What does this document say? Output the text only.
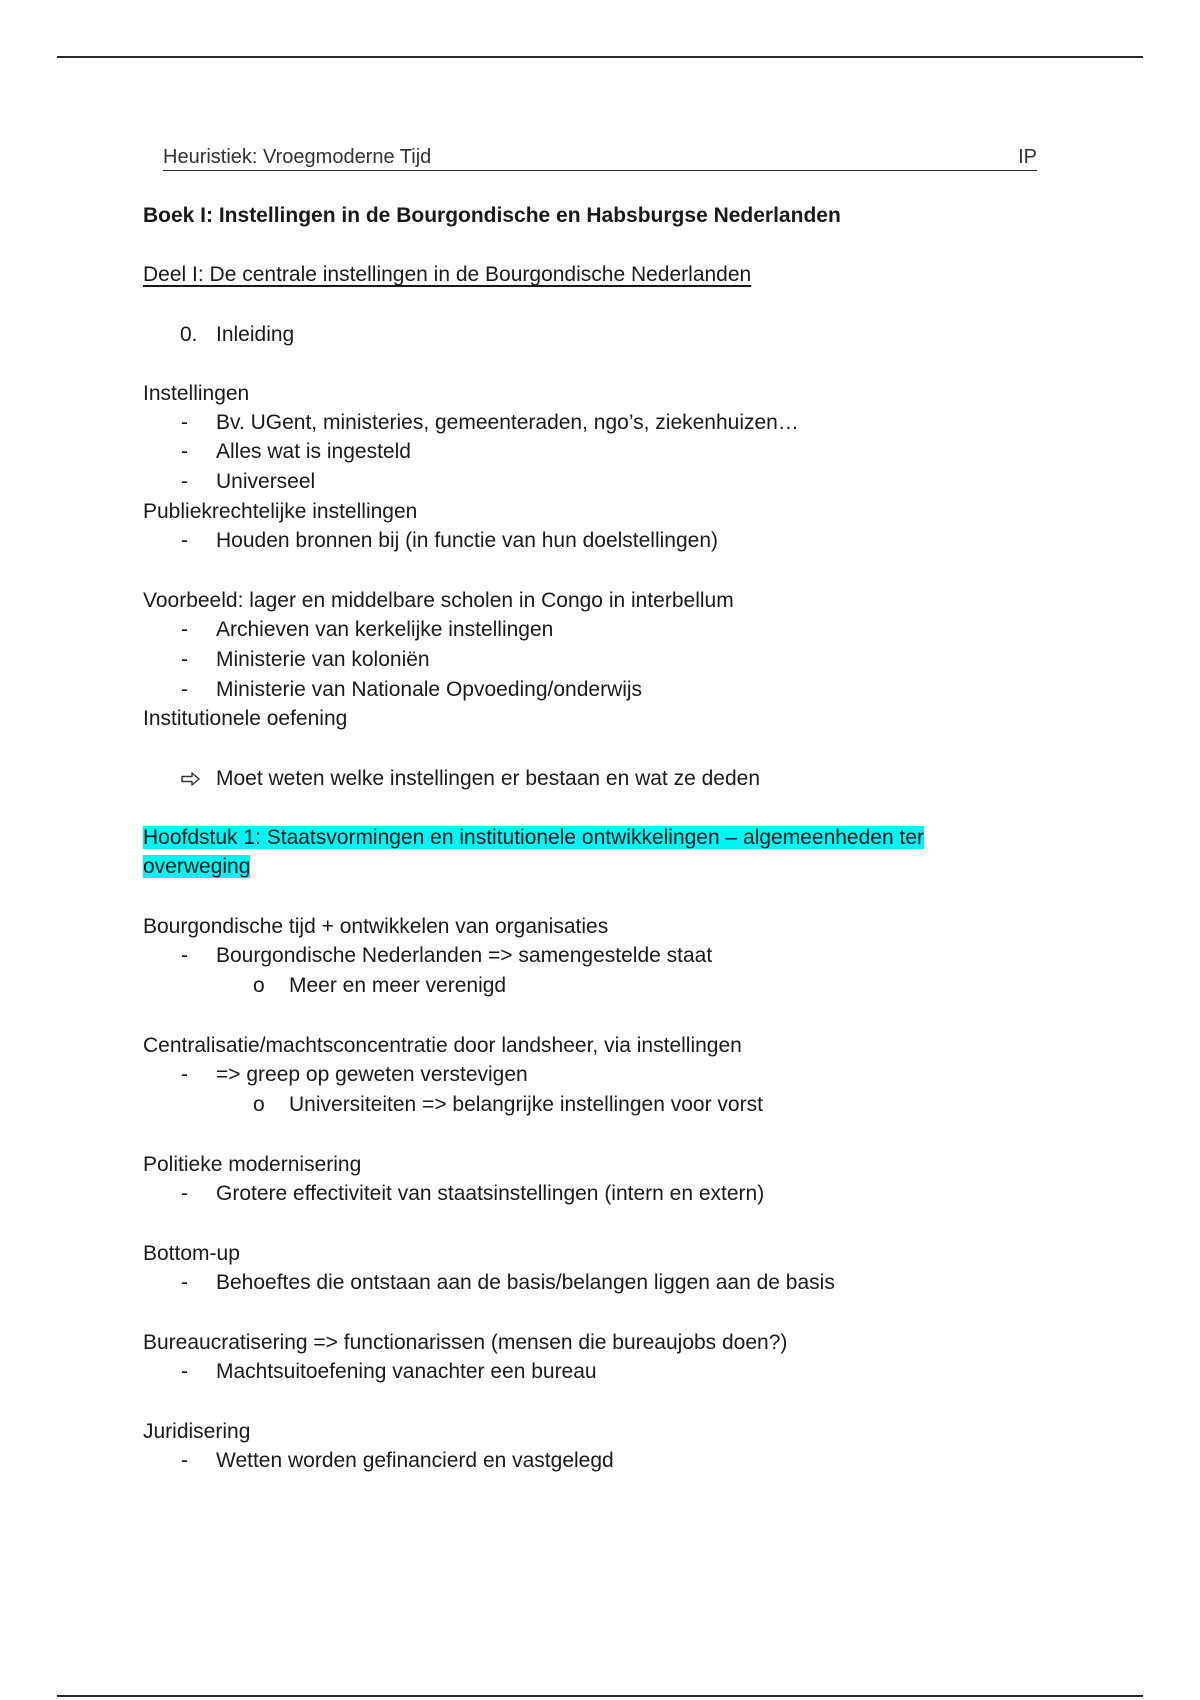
Heuristiek: Vroegmoderne Tijd	IP
Boek I: Instellingen in de Bourgondische en Habsburgse Nederlanden
Deel I: De centrale instellingen in de Bourgondische Nederlanden
0. Inleiding
Instellingen
- Bv. UGent, ministeries, gemeenteraden, ngo’s, ziekenhuizen…
- Alles wat is ingesteld
- Universeel
Publiekrechtelijke instellingen
- Houden bronnen bij (in functie van hun doelstellingen)
Voorbeeld: lager en middelbare scholen in Congo in interbellum
- Archieven van kerkelijke instellingen
- Ministerie van koloniën
- Ministerie van Nationale Opvoeding/onderwijs
Institutionele oefening
Moet weten welke instellingen er bestaan en wat ze deden
Hoofdstuk 1: Staatsvormingen en institutionele ontwikkelingen – algemeenheden ter
overweging
Bourgondische tijd + ontwikkelen van organisaties
- Bourgondische Nederlanden => samengestelde staat
o Meer en meer verenigd
Centralisatie/machtsconcentratie door landsheer, via instellingen
- => greep op geweten verstevigen
o Universiteiten => belangrijke instellingen voor vorst
Politieke modernisering
- Grotere effectiviteit van staatsinstellingen (intern en extern)
Bottom-up
- Behoeftes die ontstaan aan de basis/belangen liggen aan de basis
Bureaucratisering => functionarissen (mensen die bureaujobs doen?)
- Machtsuitoefening vanachter een bureau
Juridisering
- Wetten worden gefinancierd en vastgelegd
